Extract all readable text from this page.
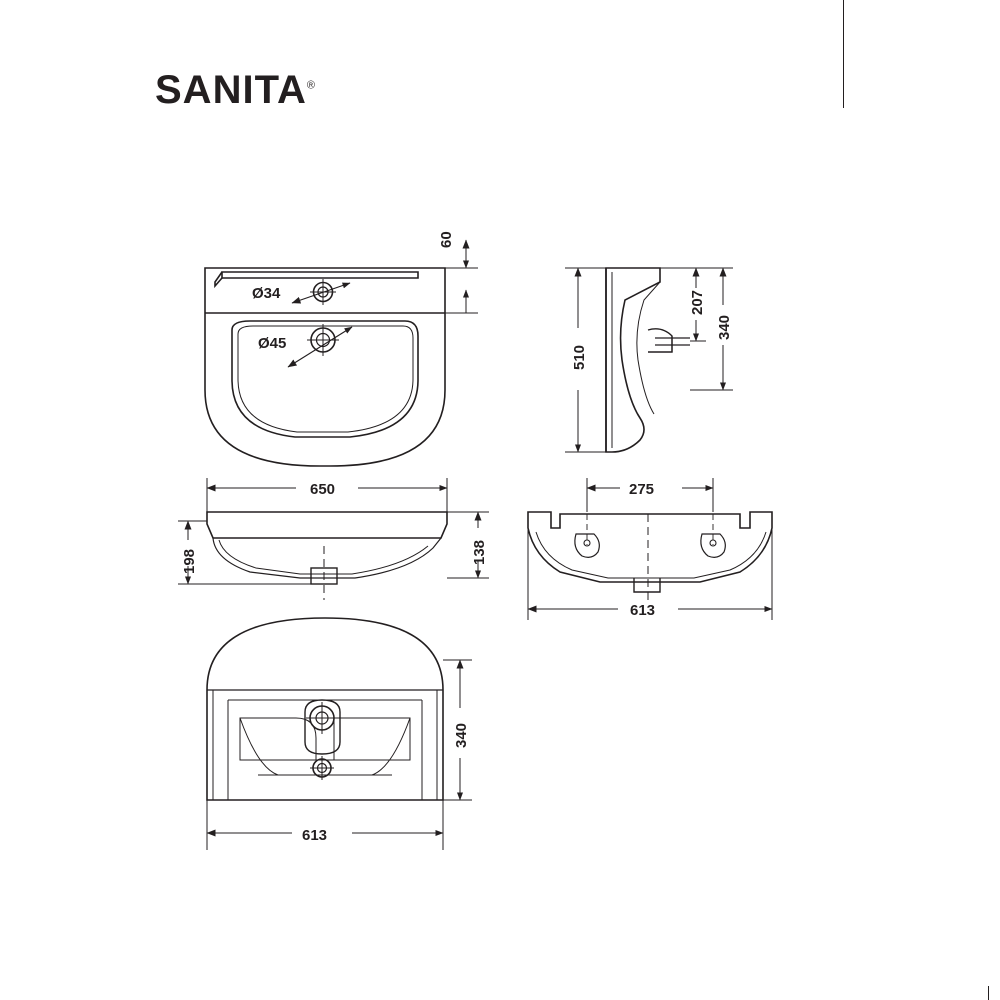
SANITA®
Ø34
Ø45
60
510
207
340
650
198	138
275
613
340
613
